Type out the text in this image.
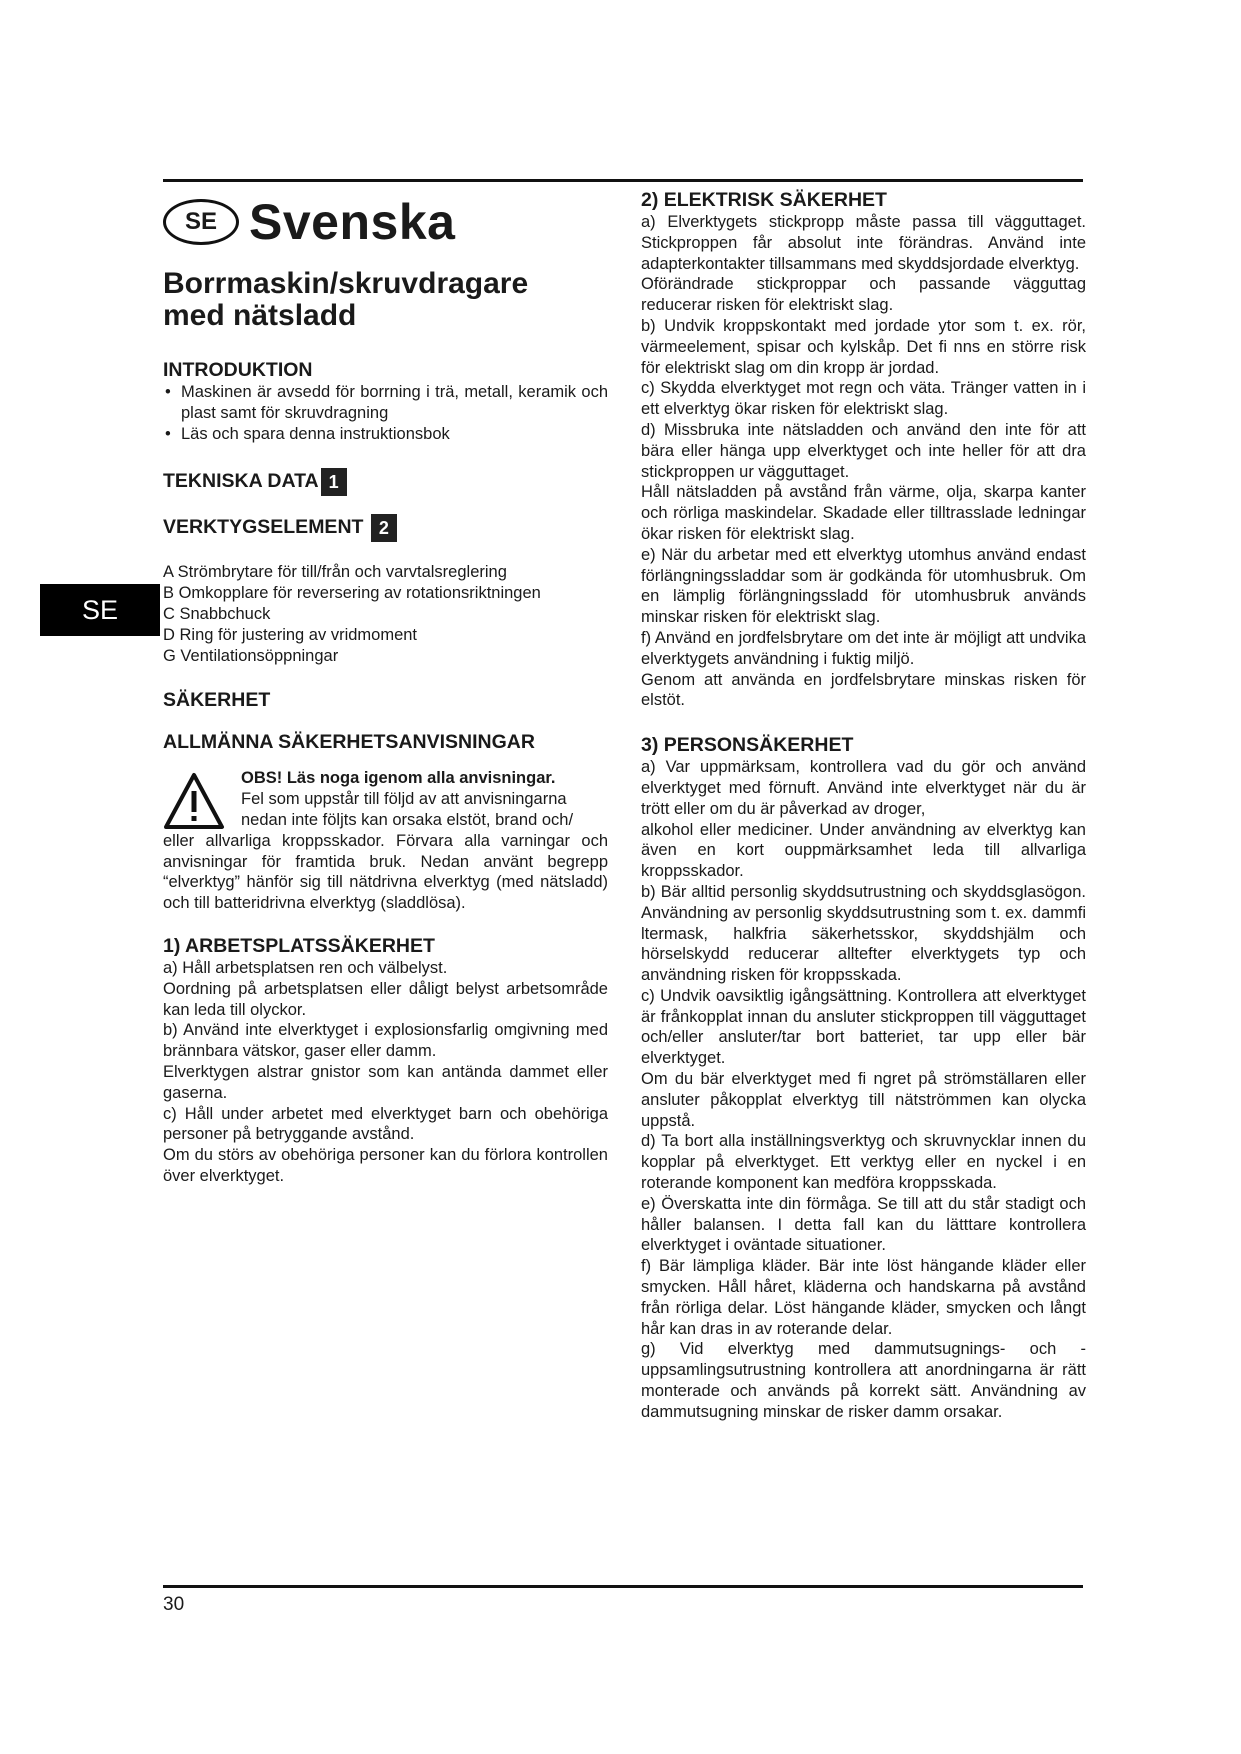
SE
SE Svenska
Borrmaskin/skruvdragare
med nätsladd
INTRODUKTION
• Maskinen är avsedd för borrning i trä, metall, keramik och plast samt för skruvdragning
• Läs och spara denna instruktionsbok
TEKNISKA DATA 1
VERKTYGSELEMENT 2

A Strömbrytare för till/från och varvtalsreglering

B Omkopplare för reversering av rotationsriktningen

C Snabbchuck

D Ring för justering av vridmoment

G Ventilationsöppningar

SÄKERHET
ALLMÄNNA SÄKERHETSANVISNINGAR

OBS! Läs noga igenom alla anvisningar.

Fel som uppstår till följd av att anvisningarna

nedan inte följts kan orsaka elstöt, brand och/

eller allvarliga kroppsskador. Förvara alla varningar och anvisningar för framtida bruk. Nedan använt begrepp “elverktyg” hänför sig till nätdrivna elverktyg (med nätsladd) och till batteridrivna elverktyg (sladdlösa).

1) ARBETSPLATSSÄKERHET

a) Håll arbetsplatsen ren och välbelyst.

Oordning på arbetsplatsen eller dåligt belyst arbetsområde kan leda till olyckor.

b) Använd inte elverktyget i explosionsfarlig omgivning med brännbara vätskor, gaser eller damm.

Elverktygen alstrar gnistor som kan antända dammet eller gaserna.

c) Håll under arbetet med elverktyget barn och obehöriga personer på betryggande avstånd.

Om du störs av obehöriga personer kan du förlora kontrollen över elverktyget.

2) ELEKTRISK SÄKERHET

a) Elverktygets stickpropp måste passa till vägguttaget. Stickproppen får absolut inte förändras. Använd inte adapterkontakter tillsammans med skyddsjordade elverktyg.

Oförändrade stickproppar och passande vägguttag reducerar risken för elektriskt slag.

b) Undvik kroppskontakt med jordade ytor som t. ex. rör, värmeelement, spisar och kylskåp. Det fi nns en större risk för elektriskt slag om din kropp är jordad.

c) Skydda elverktyget mot regn och väta. Tränger vatten in i ett elverktyg ökar risken för elektriskt slag.

d) Missbruka inte nätsladden och använd den inte för att bära eller hänga upp elverktyget och inte heller för att dra stickproppen ur vägguttaget.

Håll nätsladden på avstånd från värme, olja, skarpa kanter och rörliga maskindelar. Skadade eller tilltrasslade ledningar ökar risken för elektriskt slag.

e) När du arbetar med ett elverktyg utomhus använd endast förlängningssladdar som är godkända för utomhusbruk. Om en lämplig förlängningssladd för utomhusbruk används minskar risken för elektriskt slag.

f) Använd en jordfelsbrytare om det inte är möjligt att undvika elverktygets användning i fuktig miljö.

Genom att använda en jordfelsbrytare minskas risken för elstöt.

3) PERSONSÄKERHET

a) Var uppmärksam, kontrollera vad du gör och använd elverktyget med förnuft. Använd inte elverktyget när du är trött eller om du är påverkad av droger,

alkohol eller mediciner. Under användning av elverktyg kan även en kort ouppmärksamhet leda till allvarliga kroppsskador.

b) Bär alltid personlig skyddsutrustning och skyddsglasögon. Användning av personlig skyddsutrustning som t. ex. dammfi ltermask, halkfria säkerhetsskor, skyddshjälm och hörselskydd reducerar alltefter elverktygets typ och användning risken för kroppsskada.

c) Undvik oavsiktlig igångsättning. Kontrollera att elverktyget är frånkopplat innan du ansluter stickproppen till vägguttaget och/eller ansluter/tar bort batteriet, tar upp eller bär elverktyget.

Om du bär elverktyget med fi ngret på strömställaren eller ansluter påkopplat elverktyg till nätströmmen kan olycka uppstå.

d) Ta bort alla inställningsverktyg och skruvnycklar innen du kopplar på elverktyget. Ett verktyg eller en nyckel i en roterande komponent kan medföra kroppsskada.

e) Överskatta inte din förmåga. Se till att du står stadigt och håller balansen. I detta fall kan du lätttare kontrollera elverktyget i oväntade situationer.

f) Bär lämpliga kläder. Bär inte löst hängande kläder eller smycken. Håll håret, kläderna och handskarna på avstånd från rörliga delar. Löst hängande kläder, smycken och långt hår kan dras in av roterande delar.

g) Vid elverktyg med dammutsugnings- och - uppsamlingsutrustning kontrollera att anordningarna är rätt monterade och används på korrekt sätt. Användning av dammutsugning minskar de risker damm orsakar.

30
